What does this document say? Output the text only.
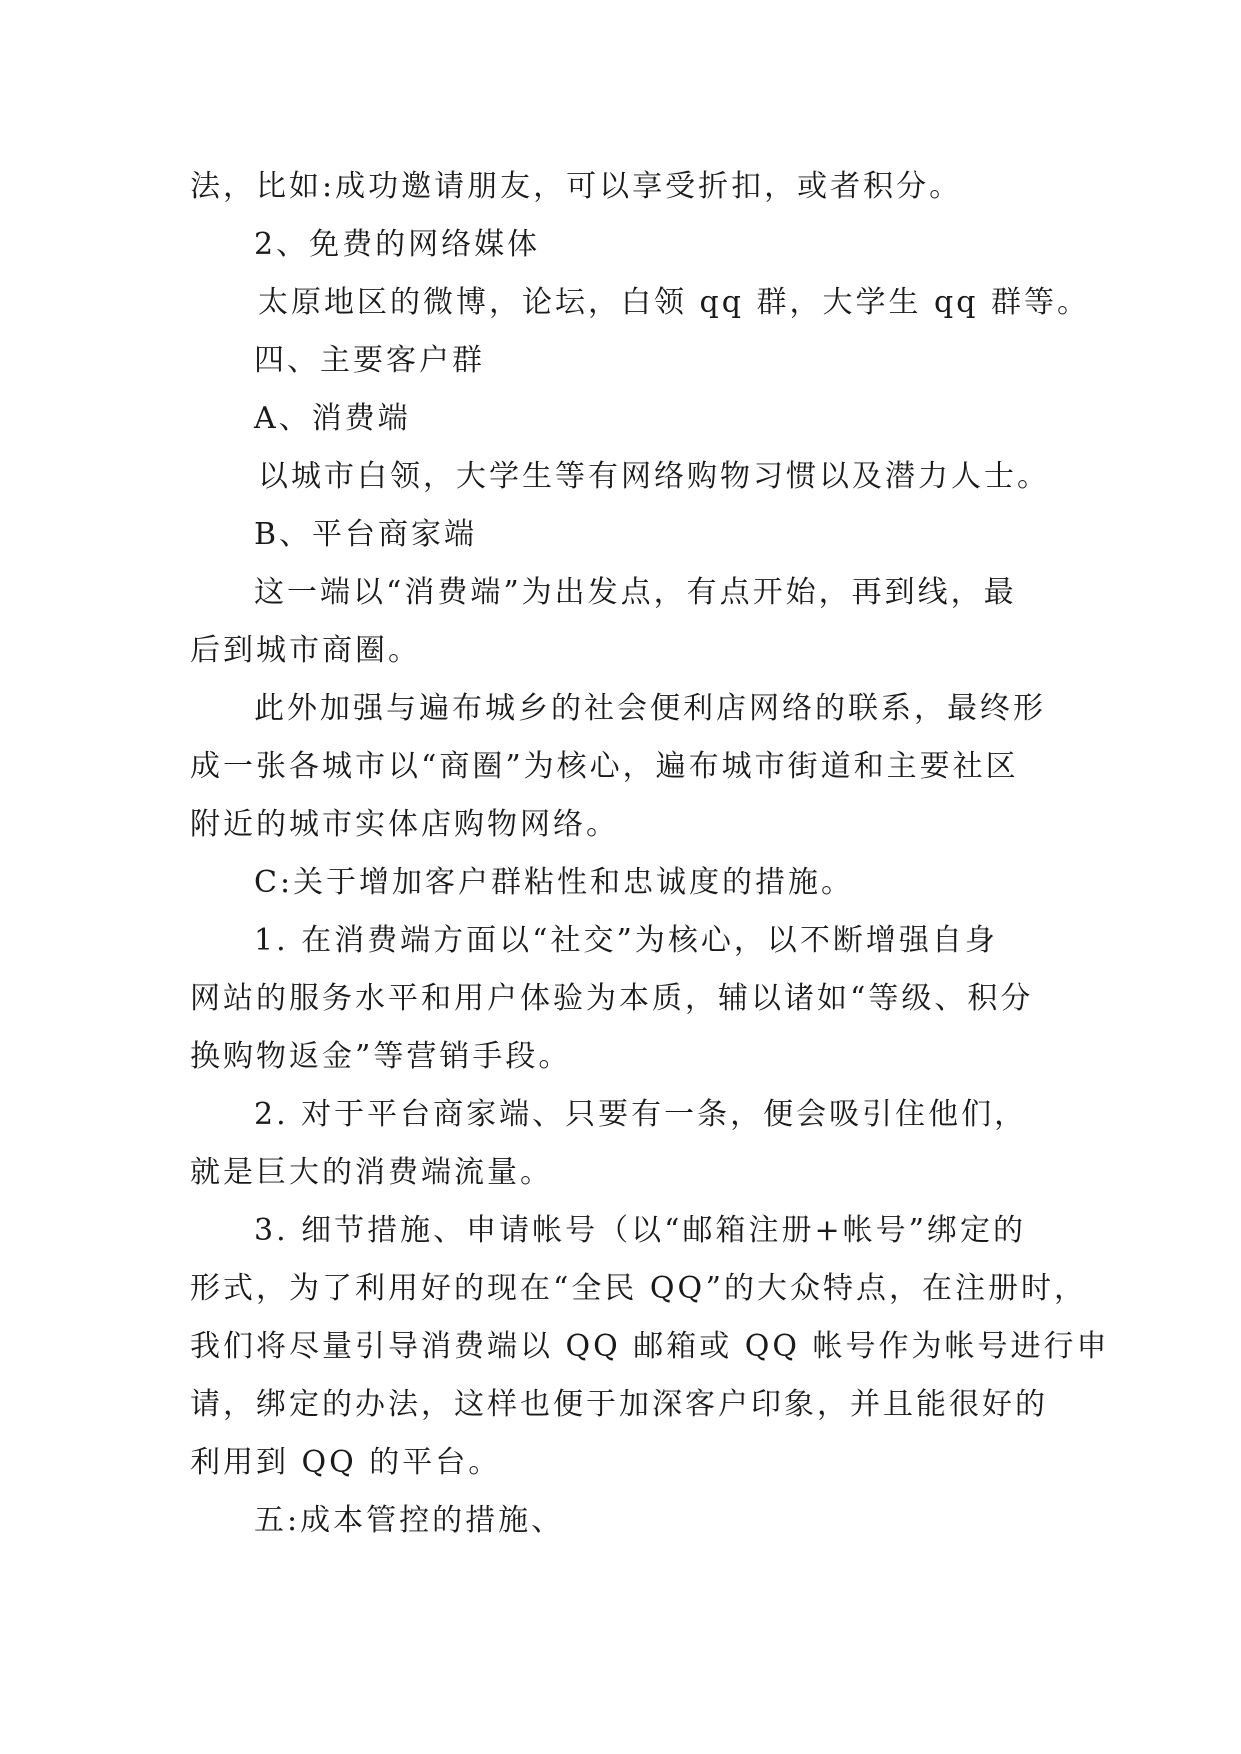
法，比如:成功邀请朋友，可以享受折扣，或者积分。
2、免费的网络媒体
太原地区的微博，论坛，白领 qq 群，大学生 qq 群等。
四、主要客户群
A、消费端
以城市白领，大学生等有网络购物习惯以及潜力人士。
B、平台商家端
这一端以“消费端”为出发点，有点开始，再到线，最
后到城市商圈。
此外加强与遍布城乡的社会便利店网络的联系，最终形
成一张各城市以“商圈”为核心，遍布城市街道和主要社区
附近的城市实体店购物网络。
C:关于增加客户群粘性和忠诚度的措施。
1. 在消费端方面以“社交”为核心，以不断增强自身
网站的服务水平和用户体验为本质，辅以诸如“等级、积分
换购物返金”等营销手段。
2. 对于平台商家端、只要有一条，便会吸引住他们，
就是巨大的消费端流量。
3. 细节措施、申请帐号（以“邮箱注册+帐号”绑定的
形式，为了利用好的现在“全民 QQ”的大众特点，在注册时，
我们将尽量引导消费端以 QQ 邮箱或 QQ 帐号作为帐号进行申
请，绑定的办法，这样也便于加深客户印象，并且能很好的
利用到 QQ 的平台。
五:成本管控的措施、
